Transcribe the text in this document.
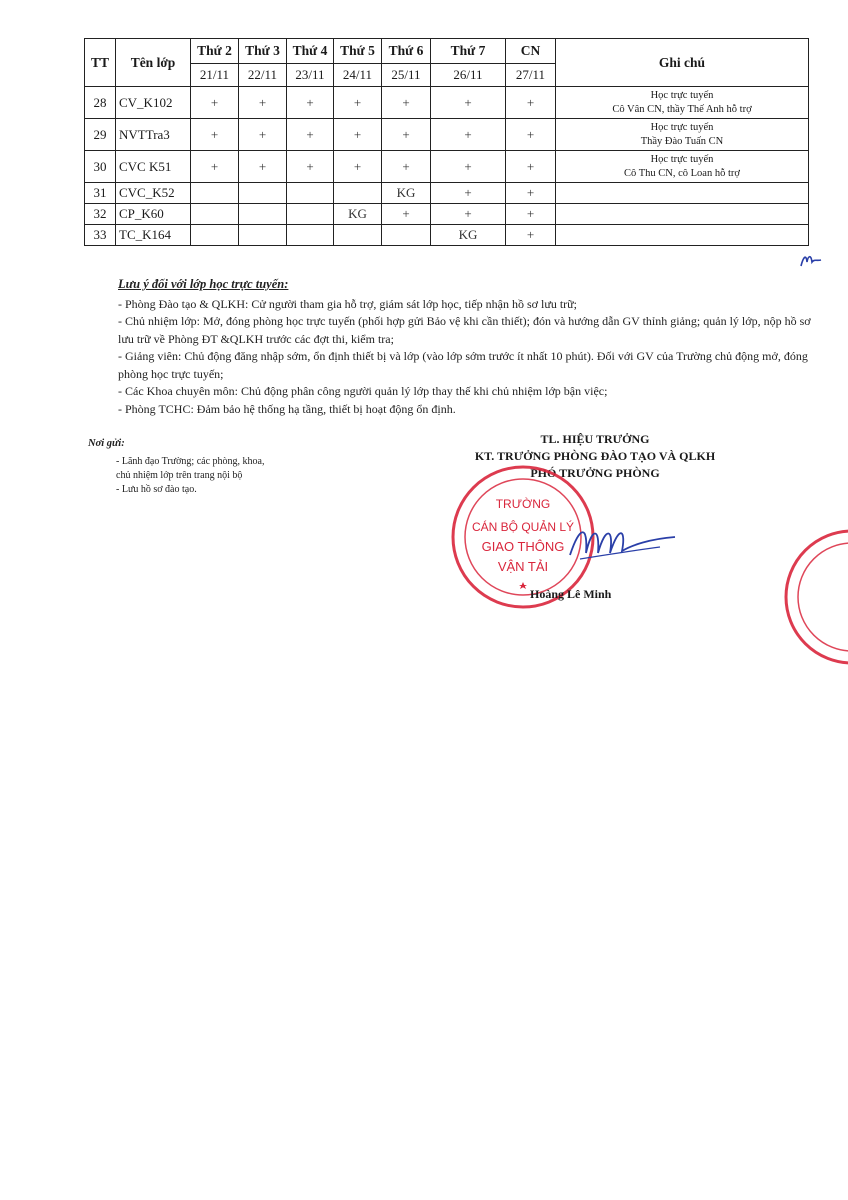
TT	Tên lớp	Thứ 2	Thứ 3	Thứ 4	Thứ 5	Thứ 6	Thứ 7	CN	Ghi chú
		21/11	22/11	23/11	24/11	25/11	26/11	27/11	
28	CV_K102	+	+	+	+	+	+	+	Học trực tuyến
Cô Vân CN, thầy Thế Anh hỗ trợ

29	NVTTra3	+	+	+	+	+	+	+	Học trực tuyến
Thầy Đào Tuấn CN

30	CVC K51	+	+	+	+	+	+	+	Học trực tuyến
Cô Thu CN, cô Loan hỗ trợ

31	CVC_K52					KG	+	+	
32	CP_K60				KG	+	+	+	
33	TC_K164						KG	+	
Lưu ý đối với lớp học trực tuyến:
- Phòng Đào tạo & QLKH: Cử người tham gia hỗ trợ, giám sát lớp học, tiếp nhận hồ sơ lưu trữ;
- Chủ nhiệm lớp: Mở, đóng phòng học trực tuyến (phối hợp gửi Bảo vệ khi cần thiết); đón và hướng dẫn GV thỉnh giảng; quản lý lớp, nộp hồ sơ lưu trữ về Phòng ĐT &QLKH trước các đợt thi, kiểm tra;
- Giảng viên: Chủ động đăng nhập sớm, ổn định thiết bị và lớp (vào lớp sớm trước ít nhất 10 phút). Đối với GV của Trường chủ động mở, đóng phòng học trực tuyến;
- Các Khoa chuyên môn: Chủ động phân công người quản lý lớp thay thế khi chủ nhiệm lớp bận việc;
- Phòng TCHC: Đảm bảo hệ thống hạ tầng, thiết bị hoạt động ổn định.
Nơi gửi:
- Lãnh đạo Trường; các phòng, khoa, chủ nhiệm lớp trên trang nội bộ
- Lưu hồ sơ đào tạo.
TL. HIỆU TRƯỞNG
KT. TRƯỞNG PHÒNG ĐÀO TẠO VÀ QLKH
PHÓ TRƯỞNG PHÒNG
TRƯỜNG
CÁN BỘ QUẢN LÝ
GIAO THÔNG
VẬN TẢI
Hoàng Lê Minh
